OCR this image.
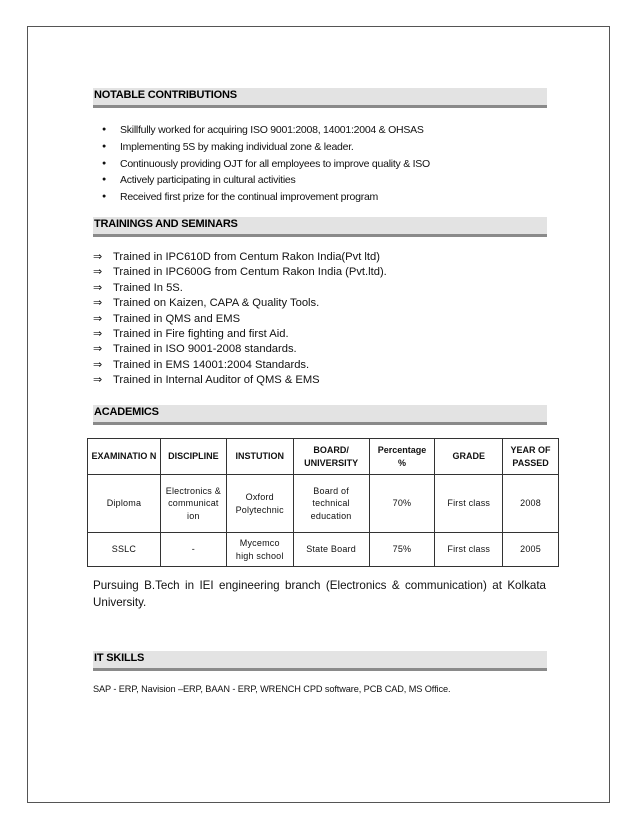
NOTABLE CONTRIBUTIONS
● Skillfully worked for acquiring ISO 9001:2008, 14001:2004 & OHSAS
● Implementing 5S by making individual zone & leader.
● Continuously providing OJT for all employees to improve quality & ISO
● Actively participating in cultural activities
● Received first prize for the continual improvement program
TRAININGS AND SEMINARS
⇒ Trained in IPC610D from Centum Rakon India(Pvt ltd)
⇒ Trained in IPC600G from Centum Rakon India (Pvt.ltd).
⇒ Trained In 5S.
⇒ Trained on Kaizen, CAPA & Quality Tools.
⇒ Trained in QMS and EMS
⇒ Trained in Fire fighting and first Aid.
⇒ Trained in ISO 9001-2008 standards.
⇒ Trained in EMS 14001:2004 Standards.
⇒ Trained in Internal Auditor of QMS & EMS
ACADEMICS
EXAMINATIO N	DISCIPLINE	INSTUTION	BOARD/ UNIVERSITY	Percentage %	GRADE	YEAR OF PASSED
Diploma	Electronics & communicat ion	Oxford Polytechnic	Board of technical education	70%	First class	2008
SSLC	-	Mycemco high school	State Board	75%	First class	2005

Pursuing B.Tech in IEI engineering branch (Electronics & communication) at Kolkata University.

IT SKILLS
SAP - ERP, Navision –ERP, BAAN - ERP, WRENCH CPD software, PCB CAD, MS Office.
